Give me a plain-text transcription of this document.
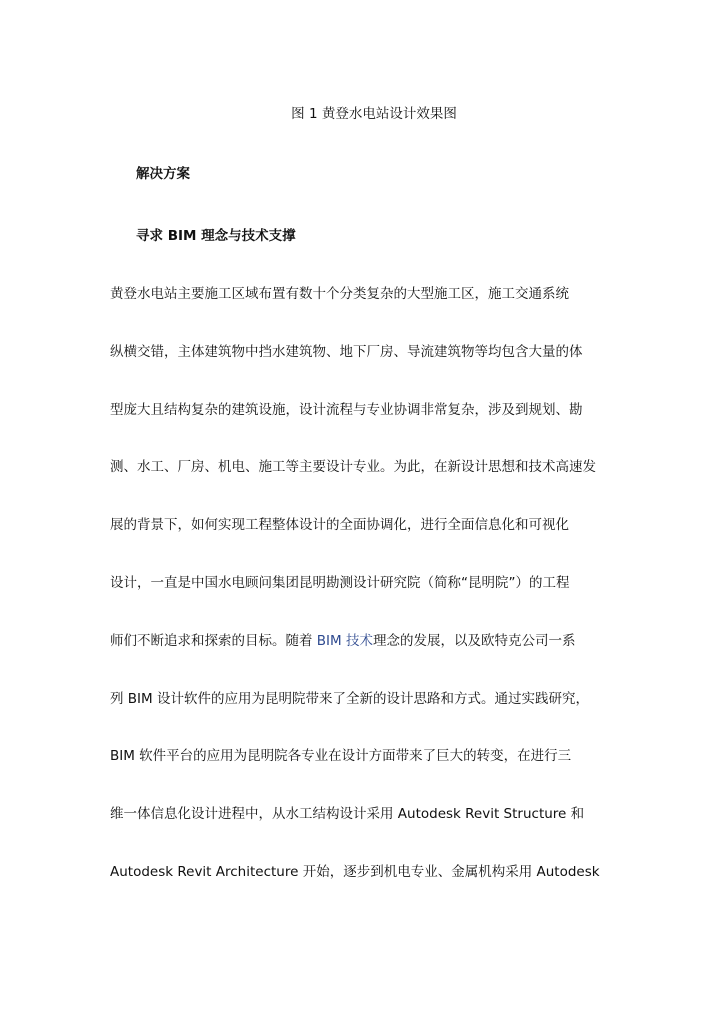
图 1 黄登水电站设计效果图
解决方案
寻求 BIM 理念与技术支撑
黄登水电站主要施工区域布置有数十个分类复杂的大型施工区，施工交通系统
纵横交错，主体建筑物中挡水建筑物、地下厂房、导流建筑物等均包含大量的体
型庞大且结构复杂的建筑设施，设计流程与专业协调非常复杂，涉及到规划、勘
测、水工、厂房、机电、施工等主要设计专业。为此，在新设计思想和技术高速发
展的背景下，如何实现工程整体设计的全面协调化，进行全面信息化和可视化
设计，一直是中国水电顾问集团昆明勘测设计研究院（简称“昆明院”）的工程
师们不断追求和探索的目标。随着 BIM 技术理念的发展，以及欧特克公司一系
列 BIM 设计软件的应用为昆明院带来了全新的设计思路和方式。通过实践研究，
BIM 软件平台的应用为昆明院各专业在设计方面带来了巨大的转变，在进行三
维一体信息化设计进程中，从水工结构设计采用 Autodesk Revit Structure 和
Autodesk Revit Architecture 开始，逐步到机电专业、金属机构采用 Autodesk
